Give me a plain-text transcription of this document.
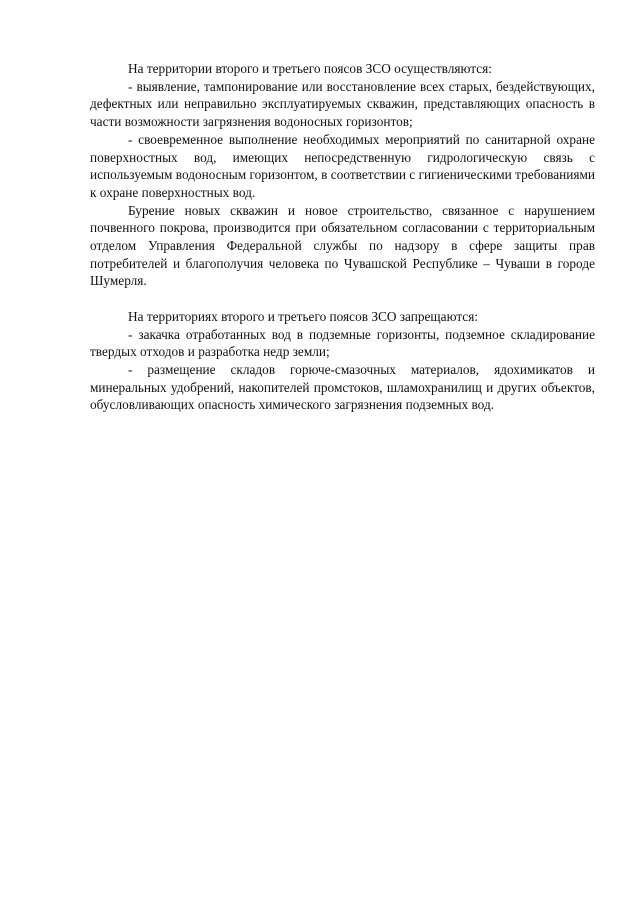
На территории второго и третьего поясов ЗСО осуществляются:

- выявление, тампонирование или восстановление всех старых, бездействующих, дефектных или неправильно эксплуатируемых скважин, представляющих опасность в части возможности загрязнения водоносных горизонтов;

- своевременное выполнение необходимых мероприятий по санитарной охране поверхностных вод, имеющих непосредственную гидрологическую связь с используемым водоносным горизонтом, в соответствии с гигиеническими требованиями к охране поверхностных вод.

Бурение новых скважин и новое строительство, связанное с нарушением почвенного покрова, производится при обязательном согласовании с территориальным отделом Управления Федеральной службы по надзору в сфере защиты прав потребителей и благополучия человека по Чувашской Республике – Чуваши в городе Шумерля.

На территориях второго и третьего поясов ЗСО запрещаются:

- закачка отработанных вод в подземные горизонты, подземное складирование твердых отходов и разработка недр земли;

- размещение складов горюче-смазочных материалов, ядохимикатов и минеральных удобрений, накопителей промстоков, шламохранилищ и других объектов, обусловливающих опасность химического загрязнения подземных вод.
